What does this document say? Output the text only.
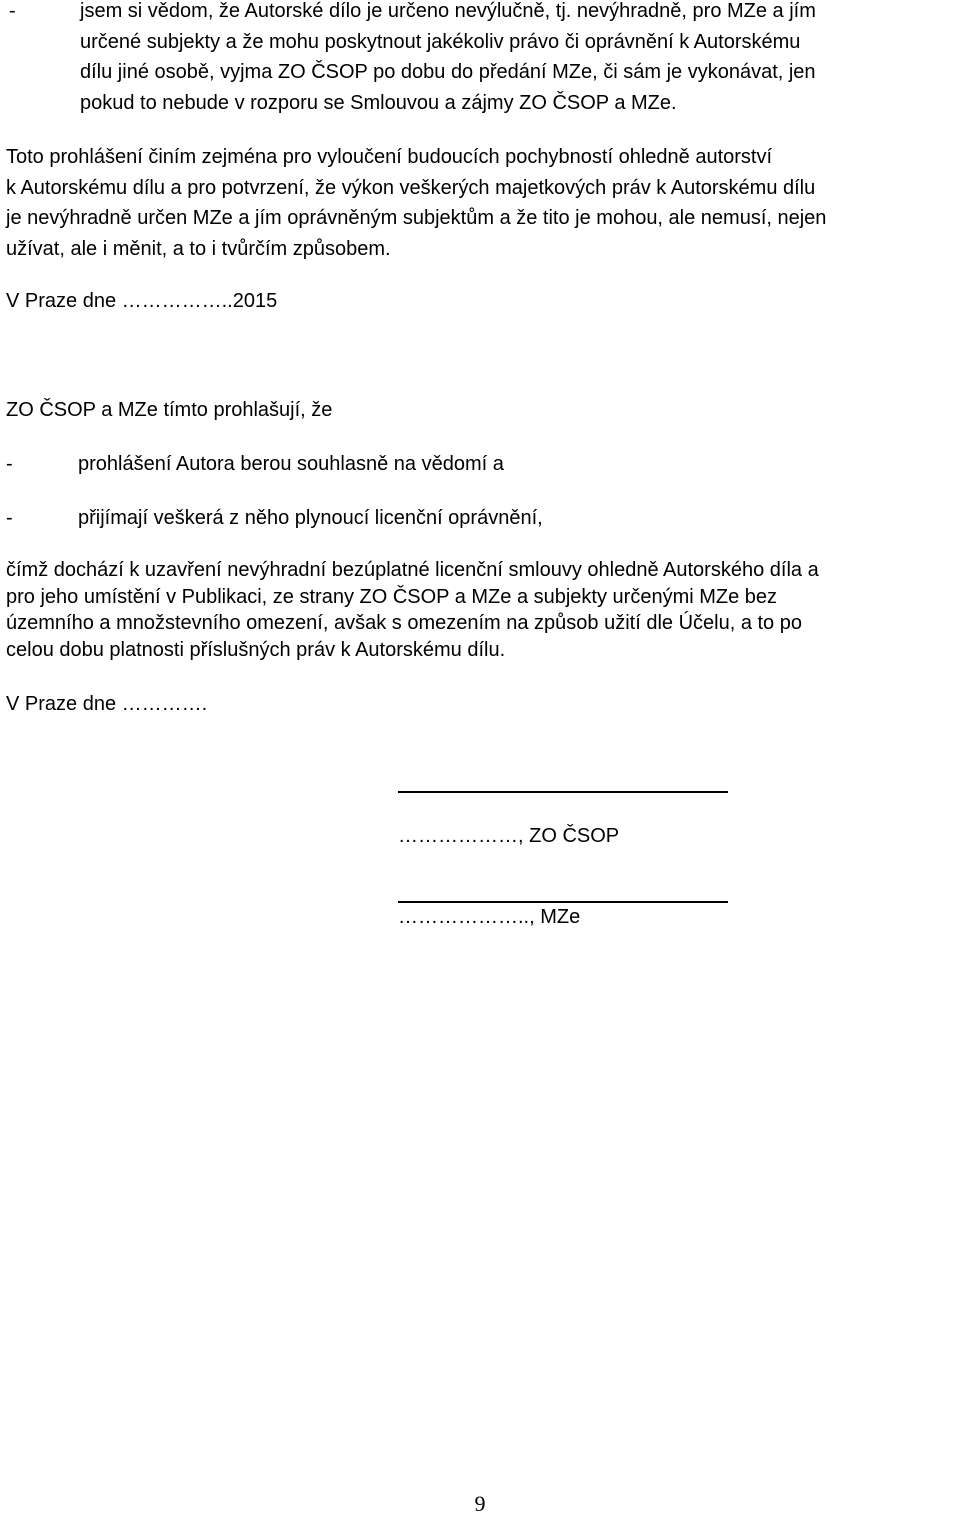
-	jsem si vědom, že Autorské dílo je určeno nevýlučně, tj. nevýhradně, pro MZe a jím
určené subjekty a že mohu poskytnout jakékoliv právo či oprávnění k Autorskému
dílu jiné osobě, vyjma ZO ČSOP po dobu do předání MZe, či sám je vykonávat, jen
pokud to nebude v rozporu se Smlouvou a zájmy ZO ČSOP a MZe.
Toto prohlášení činím zejména pro vyloučení budoucích pochybností ohledně autorství
k Autorskému dílu a pro potvrzení, že výkon veškerých majetkových práv k Autorskému dílu
je nevýhradně určen MZe a jím oprávněným subjektům a že tito je mohou, ale nemusí, nejen
užívat, ale i měnit, a to i tvůrčím způsobem.
V Praze dne ……………..2015
ZO ČSOP a MZe tímto prohlašují, že
-	prohlášení Autora berou souhlasně na vědomí a
-	přijímají veškerá z něho plynoucí licenční oprávnění,
čímž dochází k uzavření nevýhradní bezúplatné licenční smlouvy ohledně Autorského díla a
pro jeho umístění v Publikaci, ze strany ZO ČSOP a MZe a subjekty určenými MZe bez
územního a množstevního omezení, avšak s omezením na způsob užití dle Účelu, a to po
celou dobu platnosti příslušných práv k Autorskému dílu.
V Praze dne ………….
………………, ZO ČSOP
……………….., MZe
9
